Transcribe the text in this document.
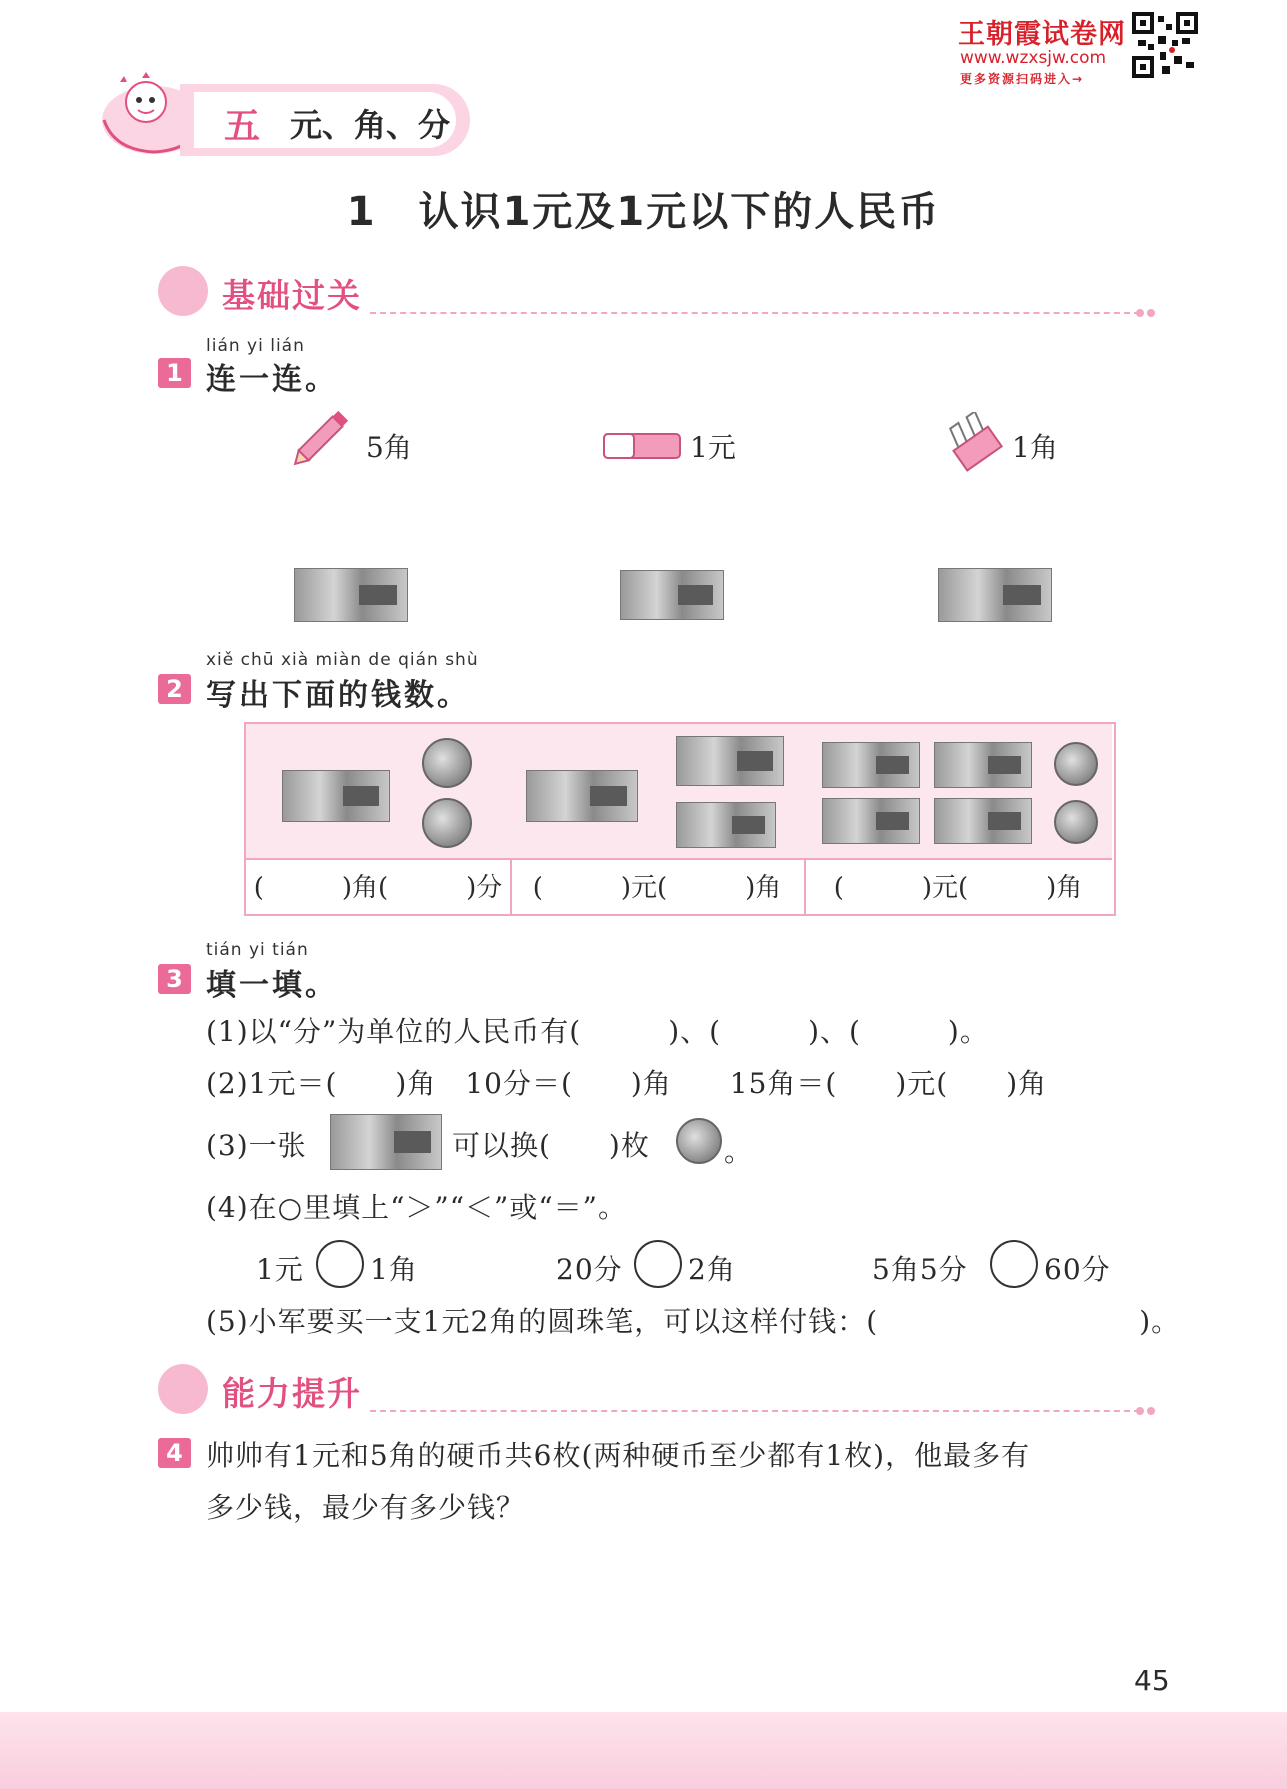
王朝霞试卷网
www.wzxsjw.com
更多资源扫码进入→
五 元、角、分
1　认识1元及1元以下的人民币
基础过关
lián yi lián
1 连一连。
5角	1元	1角
xiě chū xià miàn de qián shù
2 写出下面的钱数。
(　　　)角(　　　)分	(　　　)元(　　　)角	(　　　)元(　　　)角
tián yi tián
3 填一填。
(1)以“分”为单位的人民币有(　　　)、(　　　)、(　　　)。
(2)1元＝(　　)角　10分＝(　　)角　　15角＝(　　)元(　　)角
(3)一张	可以换(　　)枚	。
(4)在○里填上“＞”“＜”或“＝”。
1元 1角	20分 2角	5角5分	60分
(5)小军要买一支1元2角的圆珠笔，可以这样付钱：(　　　　　　　　　)。
能力提升
4 帅帅有1元和5角的硬币共6枚(两种硬币至少都有1枚)，他最多有
多少钱，最少有多少钱？
45
